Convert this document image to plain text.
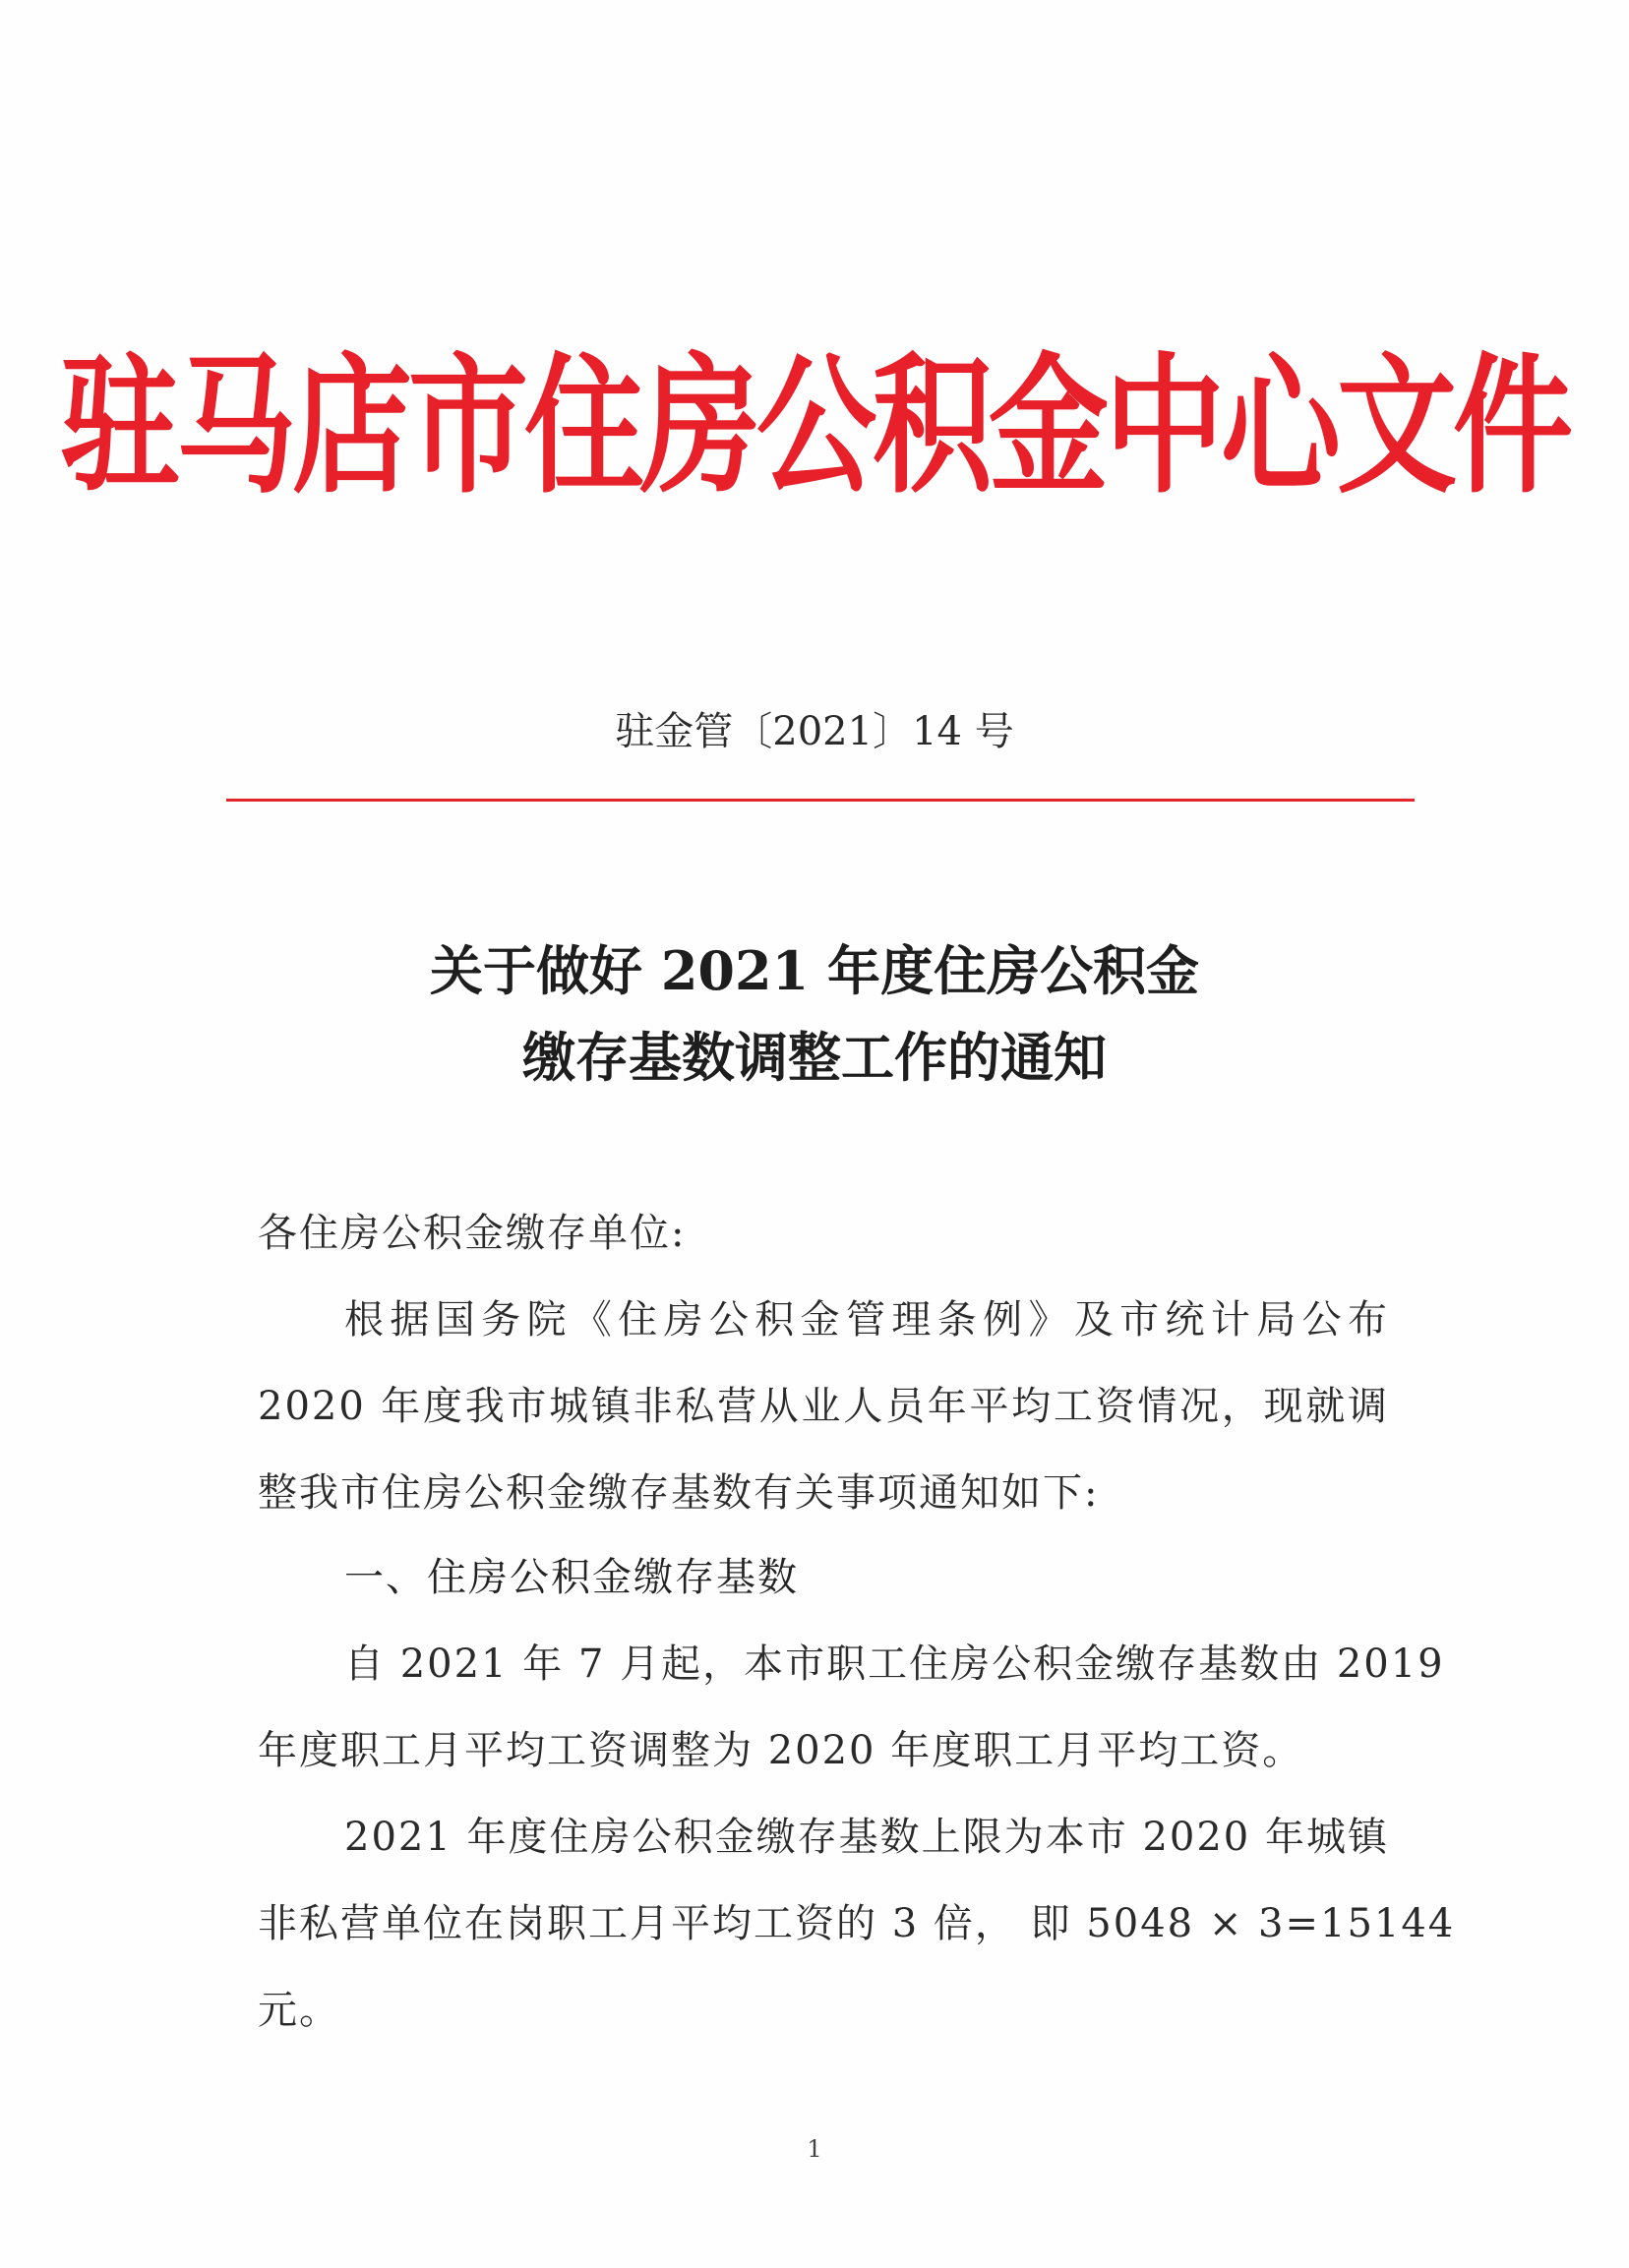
驻马店市住房公积金中心文件
驻金管〔2021〕14 号
关于做好 2021 年度住房公积金
缴存基数调整工作的通知
各住房公积金缴存单位:
根据国务院《住房公积金管理条例》及市统计局公布
2020 年度我市城镇非私营从业人员年平均工资情况，现就调
整我市住房公积金缴存基数有关事项通知如下:
一、住房公积金缴存基数
自 2021 年 7 月起，本市职工住房公积金缴存基数由 2019
年度职工月平均工资调整为 2020 年度职工月平均工资。
2021 年度住房公积金缴存基数上限为本市 2020 年城镇
非私营单位在岗职工月平均工资的 3 倍， 即 5048 × 3=15144
元。
1
